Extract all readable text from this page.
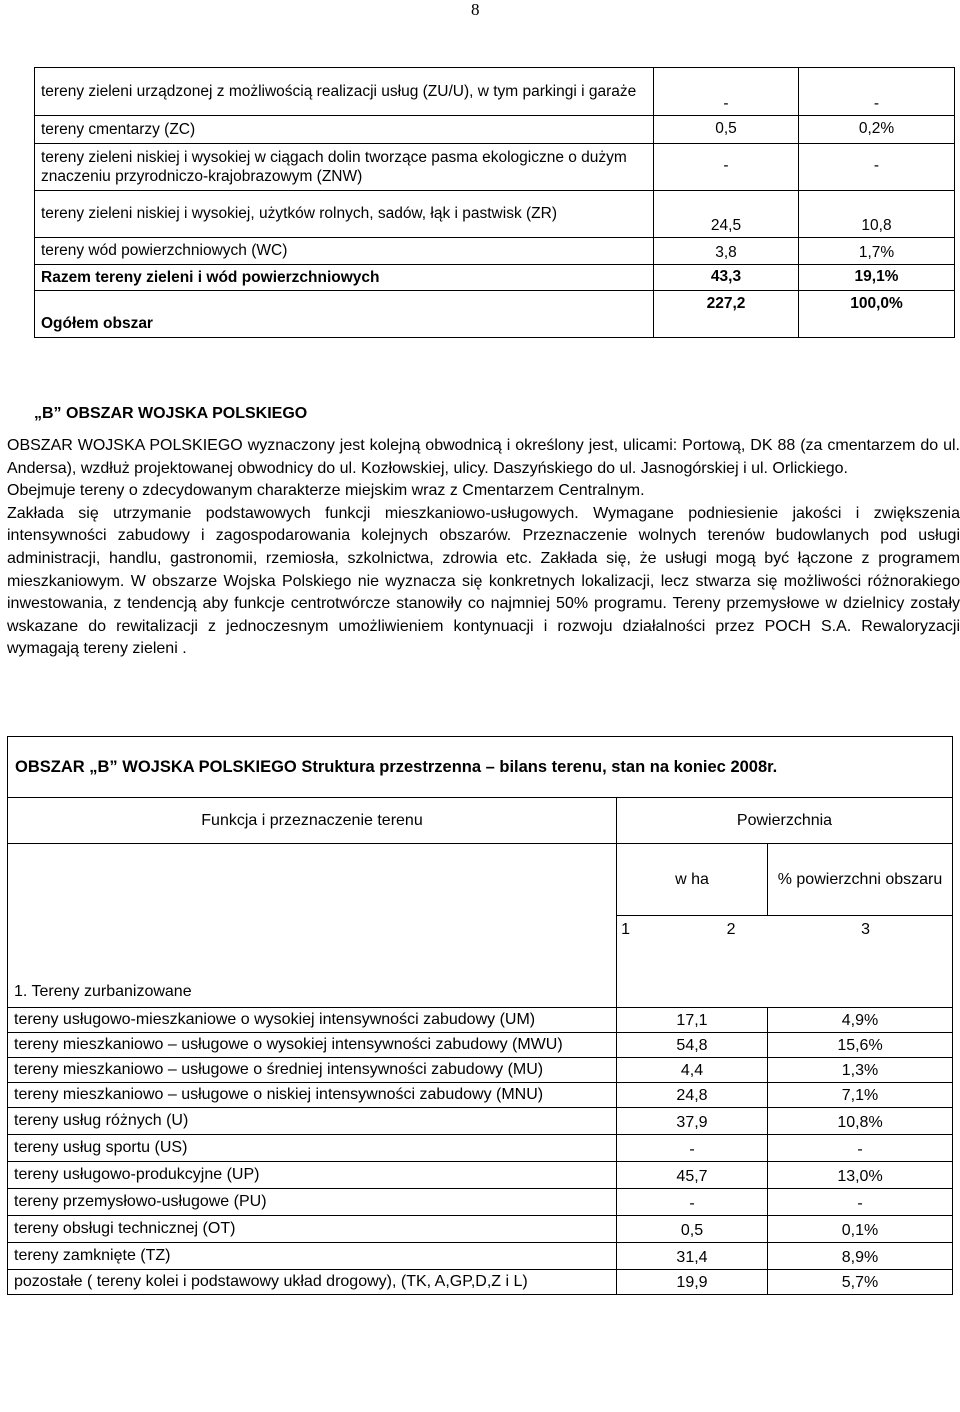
8
tereny zieleni urządzonej z możliwością realizacji usług (ZU/U), w tym parkingi i garaże	-	-
tereny cmentarzy (ZC)	0,5	0,2%
tereny zieleni niskiej i wysokiej w ciągach dolin tworzące pasma ekologiczne o dużym znaczeniu przyrodniczo-krajobrazowym (ZNW)	-	-
tereny zieleni niskiej i wysokiej, użytków rolnych, sadów, łąk i pastwisk (ZR)	24,5	10,8
tereny wód powierzchniowych (WC)	3,8	1,7%
Razem tereny zieleni i wód powierzchniowych	43,3	19,1%
Ogółem obszar	227,2	100,0%
„B” OBSZAR WOJSKA POLSKIEGO

OBSZAR WOJSKA POLSKIEGO wyznaczony jest kolejną obwodnicą i określony jest, ulicami: Portową, DK 88 (za cmentarzem do ul. Andersa), wzdłuż projektowanej obwodnicy do ul. Kozłowskiej, ulicy. Daszyńskiego do ul. Jasnogórskiej i ul. Orlickiego.

Obejmuje tereny o zdecydowanym charakterze miejskim wraz z Cmentarzem Centralnym.

Zakłada się utrzymanie podstawowych funkcji mieszkaniowo-usługowych. Wymagane podniesienie jakości i zwiększenia intensywności zabudowy i zagospodarowania kolejnych obszarów. Przeznaczenie wolnych terenów budowlanych pod usługi administracji, handlu, gastronomii, rzemiosła, szkolnictwa, zdrowia etc. Zakłada się, że usługi mogą być łączone z programem mieszkaniowym. W obszarze Wojska Polskiego nie wyznacza się konkretnych lokalizacji, lecz stwarza się możliwości różnorakiego inwestowania, z tendencją aby funkcje centrotwórcze stanowiły co najmniej 50% programu. Tereny przemysłowe w dzielnicy zostały wskazane do rewitalizacji z jednoczesnym umożliwieniem kontynuacji i rozwoju działalności przez POCH S.A. Rewaloryzacji wymagają tereny zieleni .

OBSZAR „B” WOJSKA POLSKIEGO Struktura przestrzenna – bilans terenu, stan na koniec 2008r.		
Funkcja i przeznaczenie terenu	Powierzchnia	
	w ha	% powierzchni obszaru
1	2	3
1. Tereny zurbanizowane		
tereny usługowo-mieszkaniowe o wysokiej intensywności zabudowy (UM)	17,1	4,9%
tereny mieszkaniowo – usługowe o wysokiej intensywności zabudowy (MWU)	54,8	15,6%
tereny mieszkaniowo – usługowe o średniej intensywności zabudowy (MU)	4,4	1,3%
tereny mieszkaniowo – usługowe o niskiej intensywności zabudowy (MNU)	24,8	7,1%
tereny usług różnych (U)	37,9	10,8%
tereny usług sportu (US)	-	-
tereny usługowo-produkcyjne (UP)	45,7	13,0%
tereny przemysłowo-usługowe (PU)	-	-
tereny obsługi technicznej (OT)	0,5	0,1%
tereny zamknięte (TZ)	31,4	8,9%
pozostałe ( tereny kolei i podstawowy układ drogowy), (TK, A,GP,D,Z i L)	19,9	5,7%
